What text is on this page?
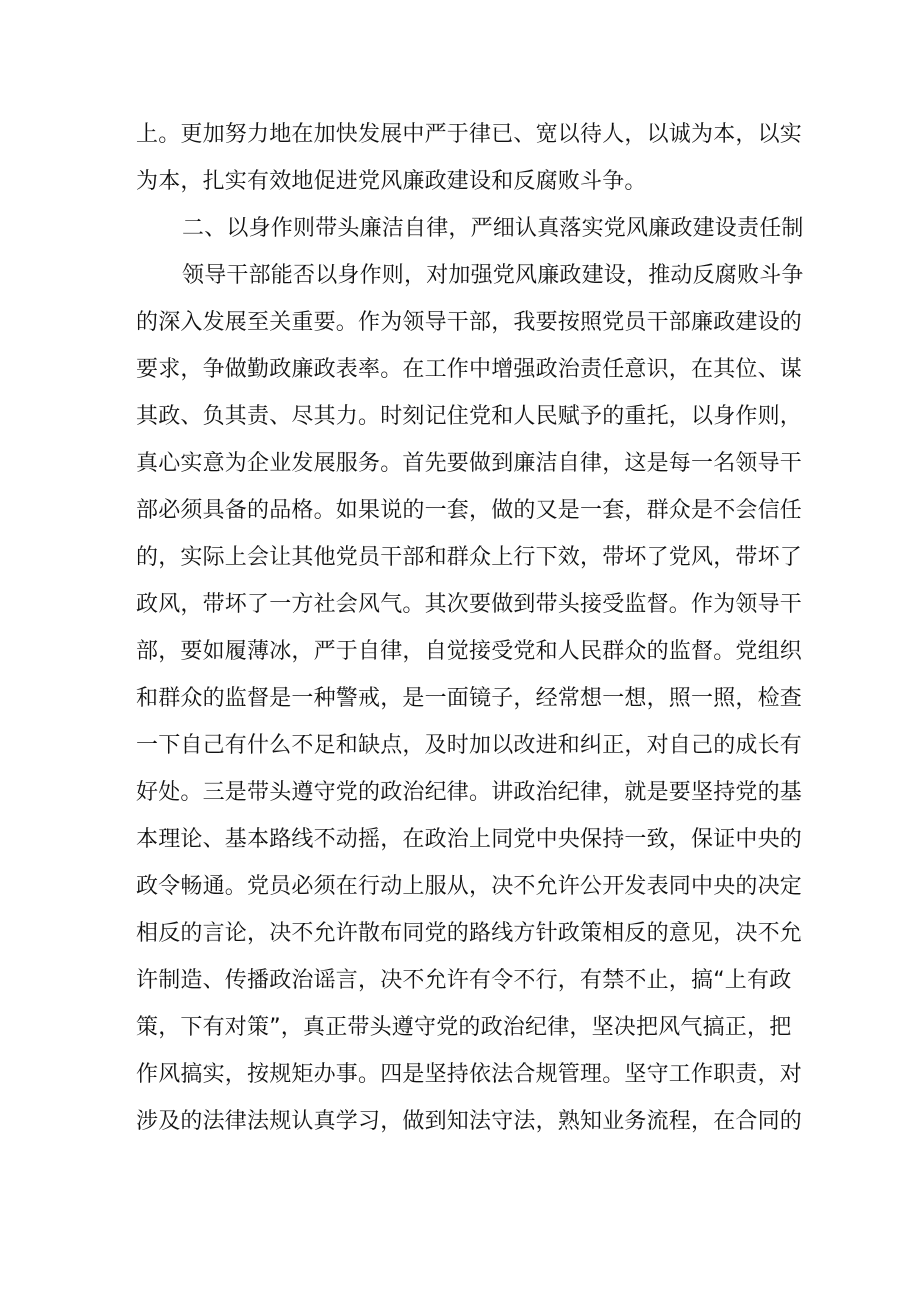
上。更加努力地在加快发展中严于律已、宽以待人，以诚为本，以实
为本，扎实有效地促进党风廉政建设和反腐败斗争。
二、以身作则带头廉洁自律，严细认真落实党风廉政建设责任制
领导干部能否以身作则，对加强党风廉政建设，推动反腐败斗争
的深入发展至关重要。作为领导干部，我要按照党员干部廉政建设的
要求，争做勤政廉政表率。在工作中增强政治责任意识，在其位、谋
其政、负其责、尽其力。时刻记住党和人民赋予的重托，以身作则，
真心实意为企业发展服务。首先要做到廉洁自律，这是每一名领导干
部必须具备的品格。如果说的一套，做的又是一套，群众是不会信任
的，实际上会让其他党员干部和群众上行下效，带坏了党风，带坏了
政风，带坏了一方社会风气。其次要做到带头接受监督。作为领导干
部，要如履薄冰，严于自律，自觉接受党和人民群众的监督。党组织
和群众的监督是一种警戒，是一面镜子，经常想一想，照一照，检查
一下自己有什么不足和缺点，及时加以改进和纠正，对自己的成长有
好处。三是带头遵守党的政治纪律。讲政治纪律，就是要坚持党的基
本理论、基本路线不动摇，在政治上同党中央保持一致，保证中央的
政令畅通。党员必须在行动上服从，决不允许公开发表同中央的决定
相反的言论，决不允许散布同党的路线方针政策相反的意见，决不允
许制造、传播政治谣言，决不允许有令不行，有禁不止，搞“上有政
策，下有对策”，真正带头遵守党的政治纪律，坚决把风气搞正，把
作风搞实，按规矩办事。四是坚持依法合规管理。坚守工作职责，对
涉及的法律法规认真学习，做到知法守法，熟知业务流程，在合同的
